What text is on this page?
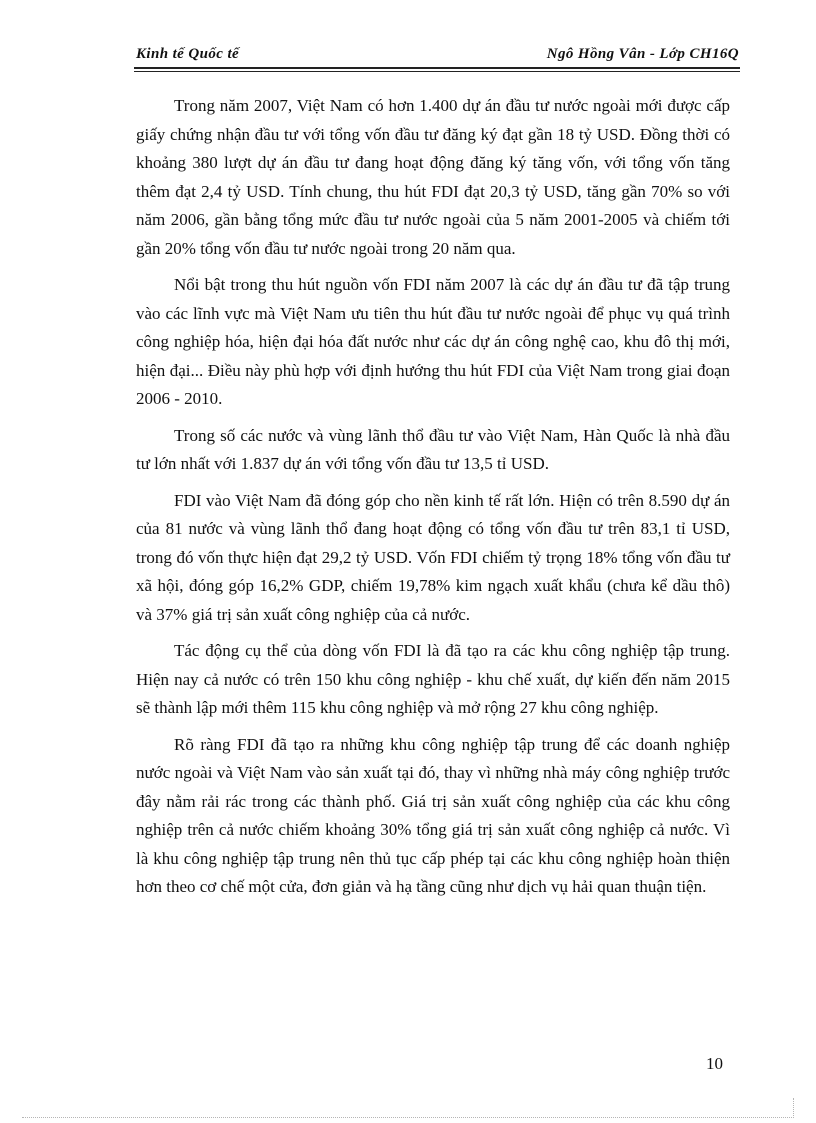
Kinh tế Quốc tế	Ngô Hồng Vân - Lớp CH16Q

Trong năm 2007, Việt Nam có hơn 1.400 dự án đầu tư nước ngoài mới được cấp giấy chứng nhận đầu tư với tổng vốn đầu tư đăng ký đạt gần 18 tỷ USD. Đồng thời có khoảng 380 lượt dự án đầu tư đang hoạt động đăng ký tăng vốn, với tổng vốn tăng thêm đạt 2,4 tỷ USD. Tính chung, thu hút FDI đạt 20,3 tỷ USD, tăng gần 70% so với năm 2006, gần bằng tổng mức đầu tư nước ngoài của 5 năm 2001-2005 và chiếm tới gần 20% tổng vốn đầu tư nước ngoài trong 20 năm qua.

Nổi bật trong thu hút nguồn vốn FDI năm 2007 là các dự án đầu tư đã tập trung vào các lĩnh vực mà Việt Nam ưu tiên thu hút đầu tư nước ngoài để phục vụ quá trình công nghiệp hóa, hiện đại hóa đất nước như các dự án công nghệ cao, khu đô thị mới, hiện đại... Điều này phù hợp với định hướng thu hút FDI của Việt Nam trong giai đoạn 2006 - 2010.

Trong số các nước và vùng lãnh thổ đầu tư vào Việt Nam, Hàn Quốc là nhà đầu tư lớn nhất với 1.837 dự án với tổng vốn đầu tư 13,5 tỉ USD.

FDI vào Việt Nam đã đóng góp cho nền kinh tế rất lớn. Hiện có trên 8.590 dự án của 81 nước và vùng lãnh thổ đang hoạt động có tổng vốn đầu tư trên 83,1 tỉ USD, trong đó vốn thực hiện đạt 29,2 tỷ USD. Vốn FDI chiếm tỷ trọng 18% tổng vốn đầu tư xã hội, đóng góp 16,2% GDP, chiếm 19,78% kim ngạch xuất khẩu (chưa kể dầu thô) và 37% giá trị sản xuất công nghiệp của cả nước.

Tác động cụ thể của dòng vốn FDI là đã tạo ra các khu công nghiệp tập trung. Hiện nay cả nước có trên 150 khu công nghiệp - khu chế xuất, dự kiến đến năm 2015 sẽ thành lập mới thêm 115 khu công nghiệp và mở rộng 27 khu công nghiệp.

Rõ ràng FDI đã tạo ra những khu công nghiệp tập trung để các doanh nghiệp nước ngoài và Việt Nam vào sản xuất tại đó, thay vì những nhà máy công nghiệp trước đây nằm rải rác trong các thành phố. Giá trị sản xuất công nghiệp của các khu công nghiệp trên cả nước chiếm khoảng 30% tổng giá trị sản xuất công nghiệp cả nước. Vì là khu công nghiệp tập trung nên thủ tục cấp phép tại các khu công nghiệp hoàn thiện hơn theo cơ chế một cửa, đơn giản và hạ tầng cũng như dịch vụ hải quan thuận tiện.

10
